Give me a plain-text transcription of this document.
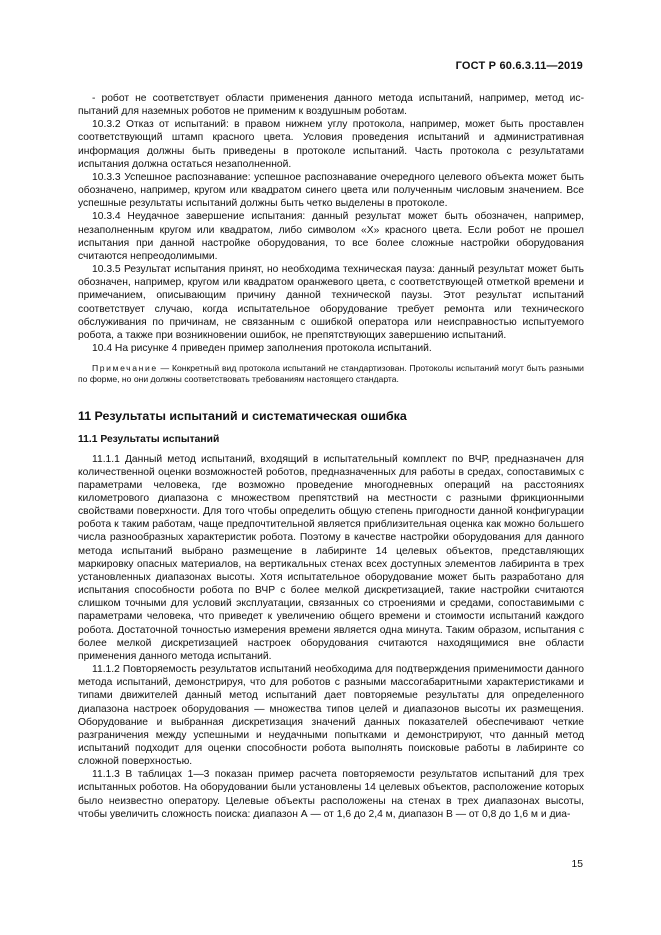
ГОСТ Р 60.6.3.11—2019

- робот не соответствует области применения данного метода испытаний, например, метод ис-пытаний для наземных роботов не применим к воздушным роботам.

10.3.2 Отказ от испытаний: в правом нижнем углу протокола, например, может быть проставлен соответствующий штамп красного цвета. Условия проведения испытаний и административная информация должны быть приведены в протоколе испытаний. Часть протокола с результатами испытания должна остаться незаполненной.

10.3.3 Успешное распознавание: успешное распознавание очередного целевого объекта может быть обозначено, например, кругом или квадратом синего цвета или полученным числовым значением. Все успешные результаты испытаний должны быть четко выделены в протоколе.

10.3.4 Неудачное завершение испытания: данный результат может быть обозначен, например, незаполненным кругом или квадратом, либо символом «X» красного цвета. Если робот не прошел испытания при данной настройке оборудования, то все более сложные настройки оборудования считаются непреодолимыми.

10.3.5 Результат испытания принят, но необходима техническая пауза: данный результат может быть обозначен, например, кругом или квадратом оранжевого цвета, с соответствующей отметкой времени и примечанием, описывающим причину данной технической паузы. Этот результат испытаний соответствует случаю, когда испытательное оборудование требует ремонта или технического обслуживания по причинам, не связанным с ошибкой оператора или неисправностью испытуемого робота, а также при возникновении ошибок, не препятствующих завершению испытаний.

10.4 На рисунке 4 приведен пример заполнения протокола испытаний.

Примечание — Конкретный вид протокола испытаний не стандартизован. Протоколы испытаний могут быть разными по форме, но они должны соответствовать требованиям настоящего стандарта.

11 Результаты испытаний и систематическая ошибка
11.1 Результаты испытаний

11.1.1 Данный метод испытаний, входящий в испытательный комплект по ВЧР, предназначен для количественной оценки возможностей роботов, предназначенных для работы в средах, сопоставимых с параметрами человека, где возможно проведение многодневных операций на расстояниях километрового диапазона с множеством препятствий на местности с разными фрикционными свойствами поверхности. Для того чтобы определить общую степень пригодности данной конфигурации робота к таким работам, чаще предпочтительной является приблизительная оценка как можно большего числа разнообразных характеристик робота. Поэтому в качестве настройки оборудования для данного метода испытаний выбрано размещение в лабиринте 14 целевых объектов, представляющих маркировку опасных материалов, на вертикальных стенах всех доступных элементов лабиринта в трех установленных диапазонах высоты. Хотя испытательное оборудование может быть разработано для испытания способности робота по ВЧР с более мелкой дискретизацией, такие настройки считаются слишком точными для условий эксплуатации, связанных со строениями и средами, сопоставимыми с параметрами человека, что приведет к увеличению общего времени и стоимости испытаний каждого робота. Достаточной точностью измерения времени является одна минута. Таким образом, испытания с более мелкой дискретизацией настроек оборудования считаются находящимися вне области применения данного метода испытаний.

11.1.2 Повторяемость результатов испытаний необходима для подтверждения применимости данного метода испытаний, демонстрируя, что для роботов с разными массогабаритными характеристиками и типами движителей данный метод испытаний дает повторяемые результаты для определенного диапазона настроек оборудования — множества типов целей и диапазонов высоты их размещения. Оборудование и выбранная дискретизация значений данных показателей обеспечивают четкие разграничения между успешными и неудачными попытками и демонстрируют, что данный метод испытаний подходит для оценки способности робота выполнять поисковые работы в лабиринте со сложной поверхностью.

11.1.3 В таблицах 1—3 показан пример расчета повторяемости результатов испытаний для трех испытанных роботов. На оборудовании были установлены 14 целевых объектов, расположение которых было неизвестно оператору. Целевые объекты расположены на стенах в трех диапазонах высоты, чтобы увеличить сложность поиска: диапазон А — от 1,6 до 2,4 м, диапазон В — от 0,8 до 1,6 м и диа-

15
